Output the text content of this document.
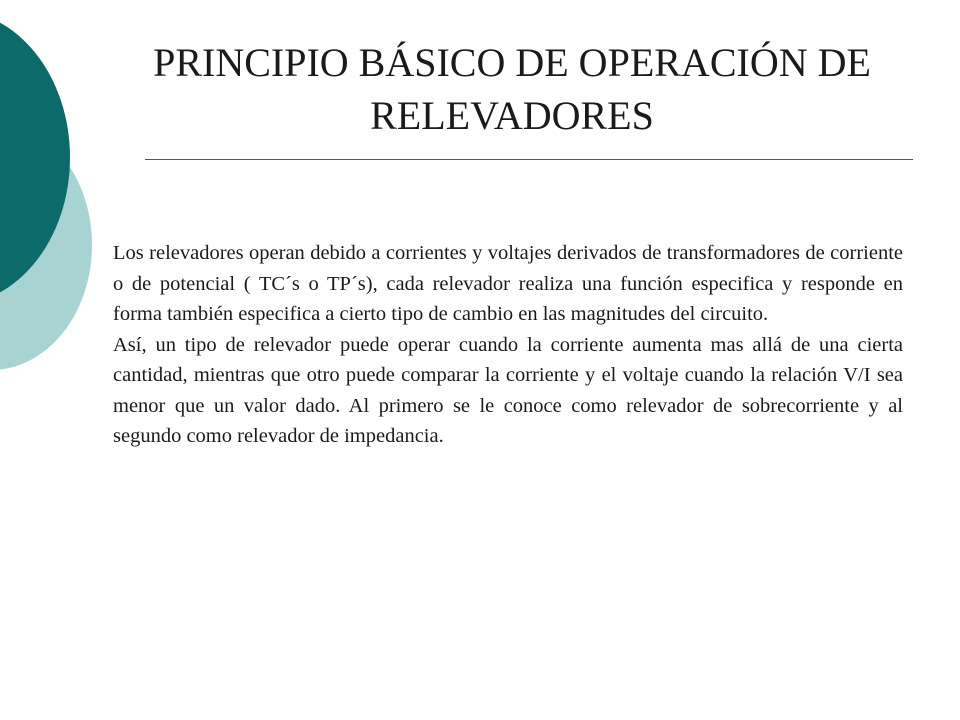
PRINCIPIO BÁSICO DE OPERACIÓN DE RELEVADORES

Los relevadores operan debido a corrientes y voltajes derivados de transformadores de corriente o de potencial ( TC´s o TP´s), cada relevador realiza una función especifica y responde en forma también especifica a cierto tipo de cambio en las magnitudes del circuito.

Así, un tipo de relevador puede operar cuando la corriente aumenta mas allá de una cierta cantidad, mientras que otro puede comparar la corriente y el voltaje cuando la relación V/I sea menor que un valor dado. Al primero se le conoce como relevador de sobrecorriente y al segundo como relevador de impedancia.
